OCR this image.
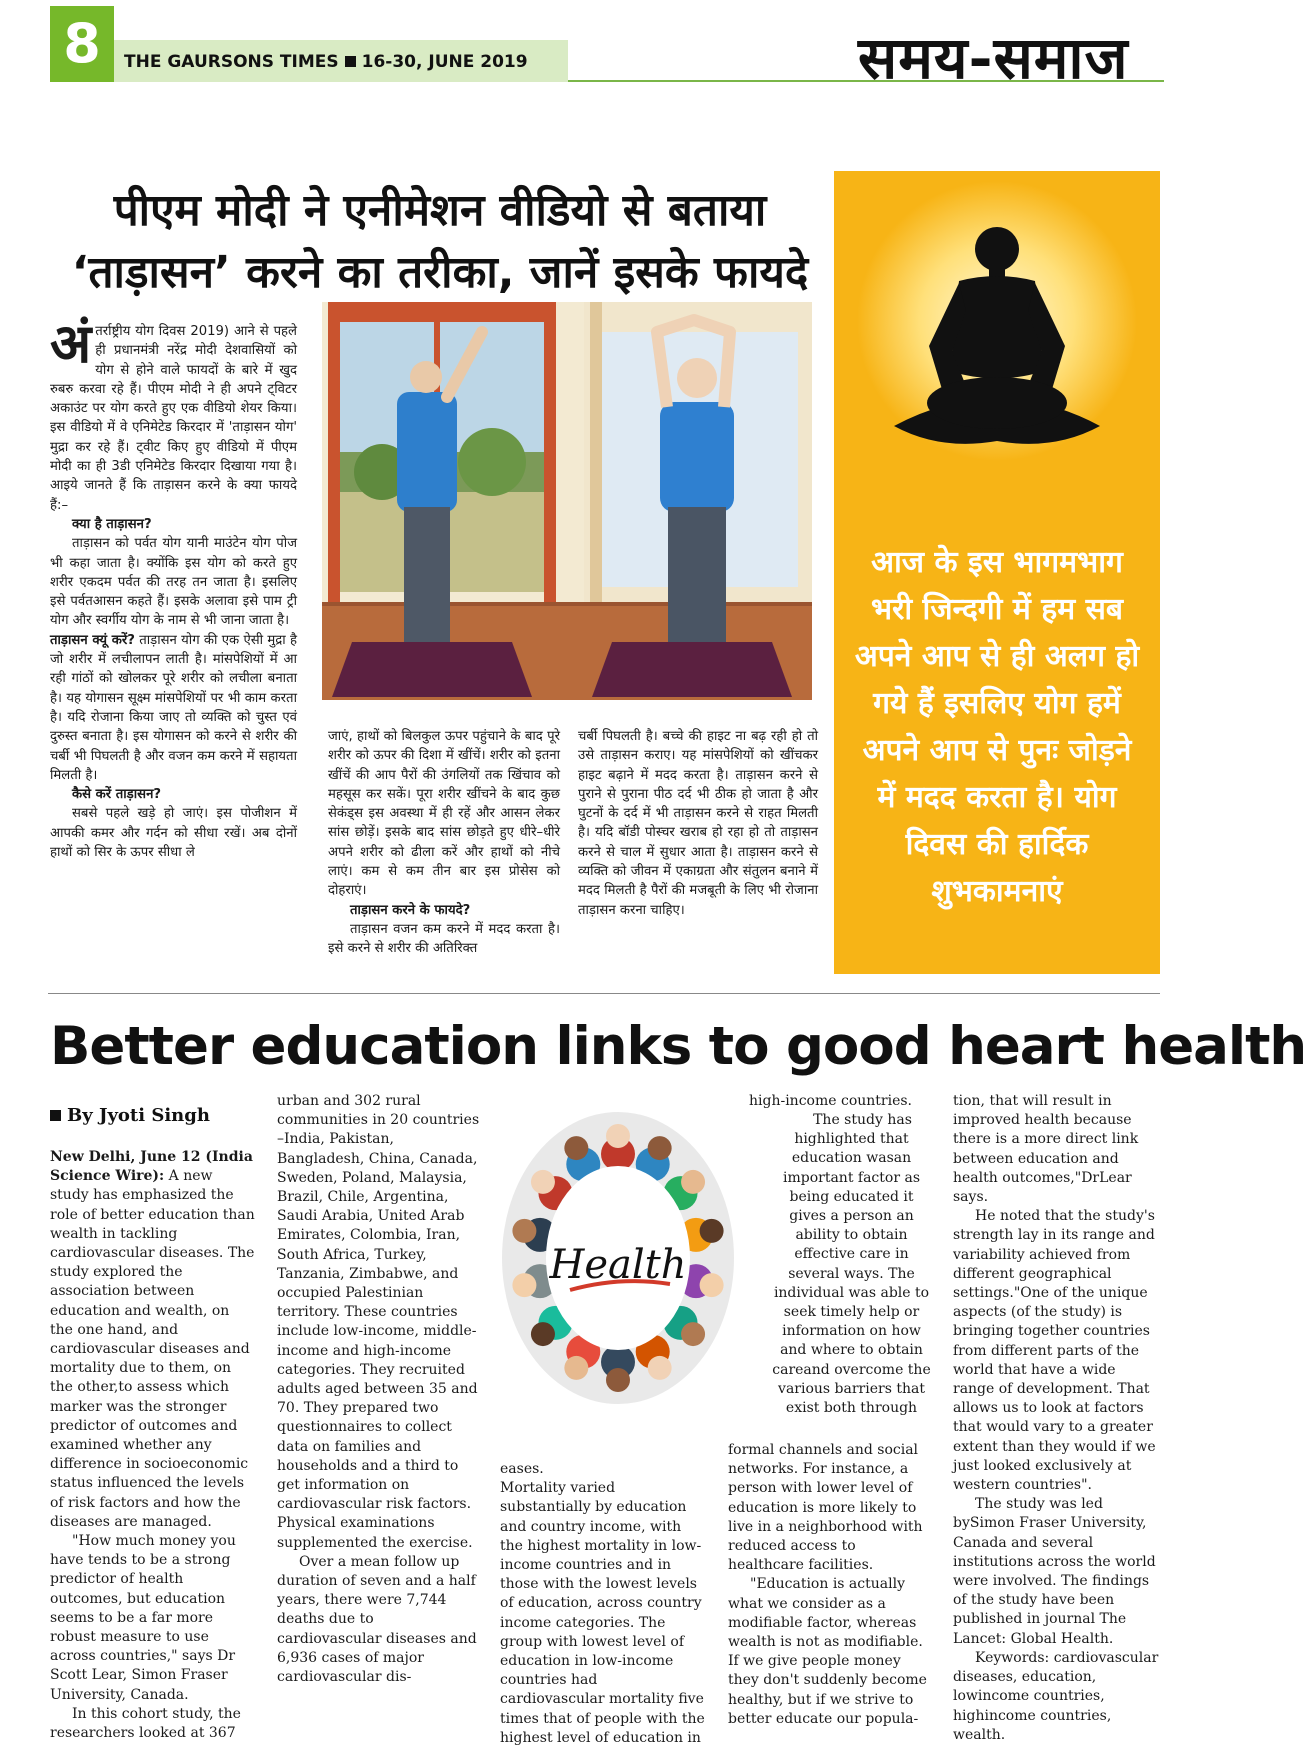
8	THE GAURSONS TIMES 16-30, JUNE 2019	समय-समाज
पीएम मोदी ने एनीमेशन वीडियो से बताया
‘ताड़ासन’ करने का तरीका, जानें इसके फायदे

अंतर्राष्ट्रीय योग दिवस 2019) आने से पहले ही प्रधानमंत्री नरेंद्र मोदी देशवासियों को योग से होने वाले फायदों के बारे में खुद रुबरु करवा रहे हैं। पीएम मोदी ने ही अपने ट्विटर अकाउंट पर योग करते हुए एक वीडियो शेयर किया। इस वीडियो में वे एनिमेटेड किरदार में 'ताड़ासन योग' मुद्रा कर रहे हैं। ट्वीट किए हुए वीडियो में पीएम मोदी का ही 3डी एनिमेटेड किरदार दिखाया गया है। आइये जानते हैं कि ताड़ासन करने के क्या फायदे हैं:–

क्या है ताड़ासन?

ताड़ासन को पर्वत योग यानी माउंटेन योग पोज भी कहा जाता है। क्योंकि इस योग को करते हुए शरीर एकदम पर्वत की तरह तन जाता है। इसलिए इसे पर्वतआसन कहते हैं। इसके अलावा इसे पाम ट्री योग और स्वर्गीय योग के नाम से भी जाना जाता है।

ताड़ासन क्यूं करें? ताड़ासन योग की एक ऐसी मुद्रा है जो शरीर में लचीलापन लाती है। मांसपेशियों में आ रही गांठों को खोलकर पूरे शरीर को लचीला बनाता है। यह योगासन सूक्ष्म मांसपेशियों पर भी काम करता है। यदि रोजाना किया जाए तो व्यक्ति को चुस्त एवं दुरुस्त बनाता है। इस योगासन को करने से शरीर की चर्बी भी पिघलती है और वजन कम करने में सहायता मिलती है।

कैसे करें ताड़ासन?

सबसे पहले खड़े हो जाएं। इस पोजीशन में आपकी कमर और गर्दन को सीधा रखें। अब दोनों हाथों को सिर के ऊपर सीधा ले

जाएं, हाथों को बिलकुल ऊपर पहुंचाने के बाद पूरे शरीर को ऊपर की दिशा में खींचें। शरीर को इतना खींचें की आप पैरों की उंगलियों तक खिंचाव को महसूस कर सकें। पूरा शरीर खींचने के बाद कुछ सेकंड्स इस अवस्था में ही रहें और आसन लेकर सांस छोड़ें। इसके बाद सांस छोड़ते हुए धीरे–धीरे अपने शरीर को ढीला करें और हाथों को नीचे लाएं। कम से कम तीन बार इस प्रोसेस को दोहराएं।

ताड़ासन करने के फायदे?

ताड़ासन वजन कम करने में मदद करता है। इसे करने से शरीर की अतिरिक्त

चर्बी पिघलती है। बच्चे की हाइट ना बढ़ रही हो तो उसे ताड़ासन कराए। यह मांसपेशियों को खींचकर हाइट बढ़ाने में मदद करता है। ताड़ासन करने से पुराने से पुराना पीठ दर्द भी ठीक हो जाता है और घुटनों के दर्द में भी ताड़ासन करने से राहत मिलती है। यदि बॉडी पोस्चर खराब हो रहा हो तो ताड़ासन करने से चाल में सुधार आता है। ताड़ासन करने से व्यक्ति को जीवन में एकाग्रता और संतुलन बनाने में मदद मिलती है पैरों की मजबूती के लिए भी रोजाना ताड़ासन करना चाहिए।

आज के इस भागमभाग
भरी जिन्दगी में हम सब
अपने आप से ही अलग हो
गये हैं इसलिए योग हमें
अपने आप से पुनः जोड़ने
में मदद करता है। योग
दिवस की हार्दिक
शुभकामनाएं
Better education links to good heart health
By Jyoti Singh

New Delhi, June 12 (India Science Wire): A new study has emphasized the role of better education than wealth in tackling cardiovascular diseases. The study explored the association between education and wealth, on the one hand, and cardiovascular diseases and mortality due to them, on the other,to assess which marker was the stronger predictor of outcomes and examined whether any difference in socioeconomic status influenced the levels of risk factors and how the diseases are managed.

"How much money you have tends to be a strong predictor of health outcomes, but education seems to be a far more robust measure to use across countries," says Dr Scott Lear, Simon Fraser University, Canada.

In this cohort study, the researchers looked at 367

urban and 302 rural communities in 20 countries –India, Pakistan, Bangladesh, China, Canada, Sweden, Poland, Malaysia, Brazil, Chile, Argentina, Saudi Arabia, United Arab Emirates, Colombia, Iran, South Africa, Turkey, Tanzania, Zimbabwe, and occupied Palestinian territory. These countries include low-income, middle-income and high-income categories. They recruited adults aged between 35 and 70. They prepared two questionnaires to collect data on families and households and a third to get information on cardiovascular risk factors. Physical examinations supplemented the exercise.

Over a mean follow up duration of seven and a half years, there were 7,744 deaths due to cardiovascular diseases and 6,936 cases of major cardiovascular dis-

eases.

Mortality varied substantially by education and country income, with the highest mortality in low-income countries and in those with the lowest levels of education, across country income categories. The group with lowest level of education in low-income countries had cardiovascular mortality five times that of people with the highest level of education in

high-income countries.
The study has highlighted that education wasan important factor as being educated it gives a person an ability to obtain effective care in several ways. The individual was able to seek timely help or information on how and where to obtain careand overcome the various barriers that exist both through

formal channels and social networks. For instance, a person with lower level of education is more likely to live in a neighborhood with reduced access to healthcare facilities.

"Education is actually what we consider as a modifiable factor, whereas wealth is not as modifiable. If we give people money they don't suddenly become healthy, but if we strive to better educate our popula-

tion, that will result in improved health because there is a more direct link between education and health outcomes,"DrLear says.

He noted that the study's strength lay in its range and variability achieved from different geographical settings."One of the unique aspects (of the study) is bringing together countries from different parts of the world that have a wide range of development. That allows us to look at factors that would vary to a greater extent than they would if we just looked exclusively at western countries".

The study was led bySimon Fraser University, Canada and several institutions across the world were involved. The findings of the study have been published in journal The Lancet: Global Health.

Keywords: cardiovascular diseases, education, lowincome countries, highincome countries, wealth.

Health
